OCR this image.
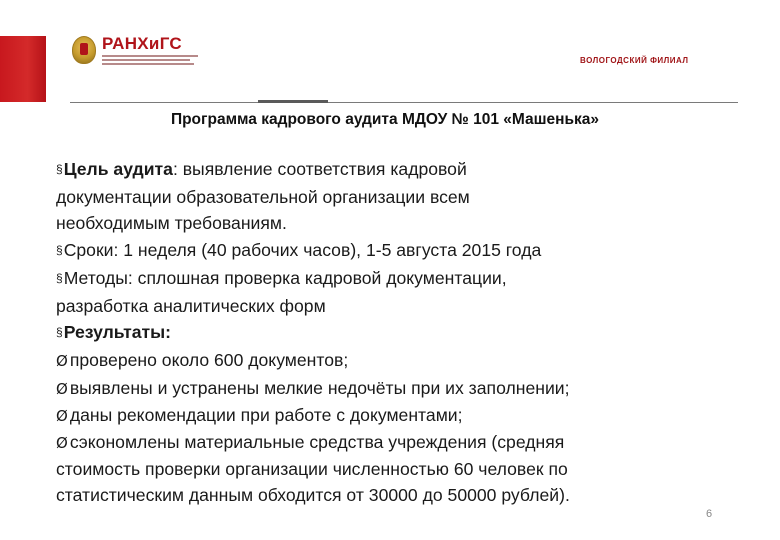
РАНХиГС
ВОЛОГОДСКИЙ ФИЛИАЛ
Программа кадрового аудита МДОУ № 101 «Машенька»
§Цель аудита: выявление соответствия кадровой
документации образовательной организации всем
необходимым требованиям.
§Сроки: 1 неделя (40 рабочих часов), 1-5 августа 2015 года
§Методы: сплошная проверка кадровой документации,
разработка аналитических форм
§Результаты:
Ø проверено около 600 документов;
Ø выявлены и устранены мелкие недочёты при их заполнении;
Ø даны рекомендации при работе с документами;
Ø сэкономлены материальные средства учреждения (средняя
стоимость проверки организации численностью 60 человек по
статистическим данным обходится от 30000 до 50000 рублей).
6
